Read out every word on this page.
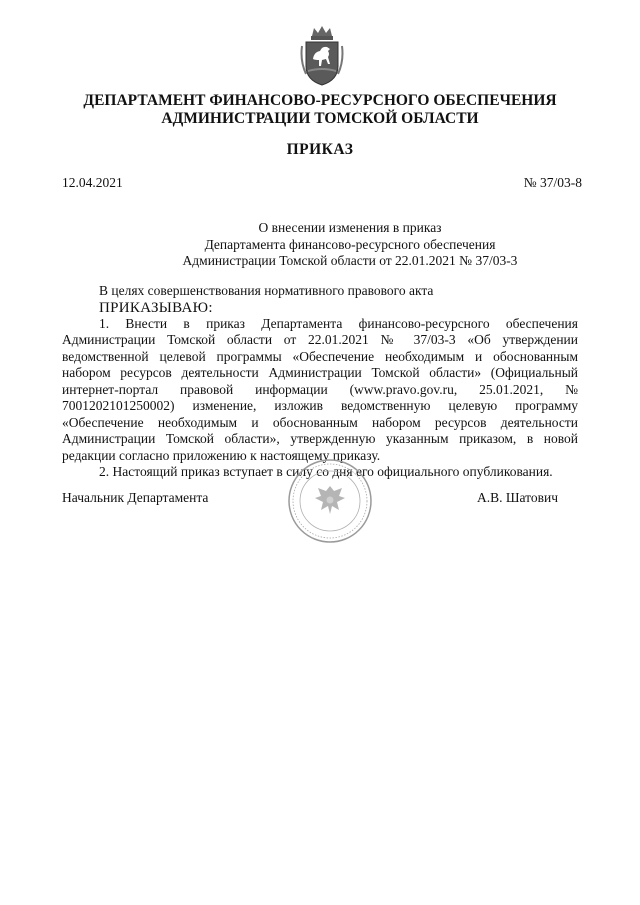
ДЕПАРТАМЕНТ ФИНАНСОВО-РЕСУРСНОГО ОБЕСПЕЧЕНИЯ
АДМИНИСТРАЦИИ ТОМСКОЙ ОБЛАСТИ
ПРИКАЗ
12.04.2021	№ 37/03-8
О внесении изменения в приказ
Департамента финансово-ресурсного обеспечения
Администрации Томской области от 22.01.2021 № 37/03-3

В целях совершенствования нормативного правового акта

ПРИКАЗЫВАЮ:

1. Внести в приказ Департамента финансово-ресурсного обеспечения Администрации Томской области от 22.01.2021 № 37/03-3 «Об утверждении ведомственной целевой программы «Обеспечение необходимым и обоснованным набором ресурсов деятельности Администрации Томской области» (Официальный интернет-портал правовой информации (www.pravo.gov.ru, 25.01.2021, № 7001202101250002) изменение, изложив ведомственную целевую программу «Обеспечение необходимым и обоснованным набором ресурсов деятельности Администрации Томской области», утвержденную указанным приказом, в новой редакции согласно приложению к настоящему приказу.

2. Настоящий приказ вступает в силу со дня его официального опубликования.

Начальник Департамента	А.В. Шатович
